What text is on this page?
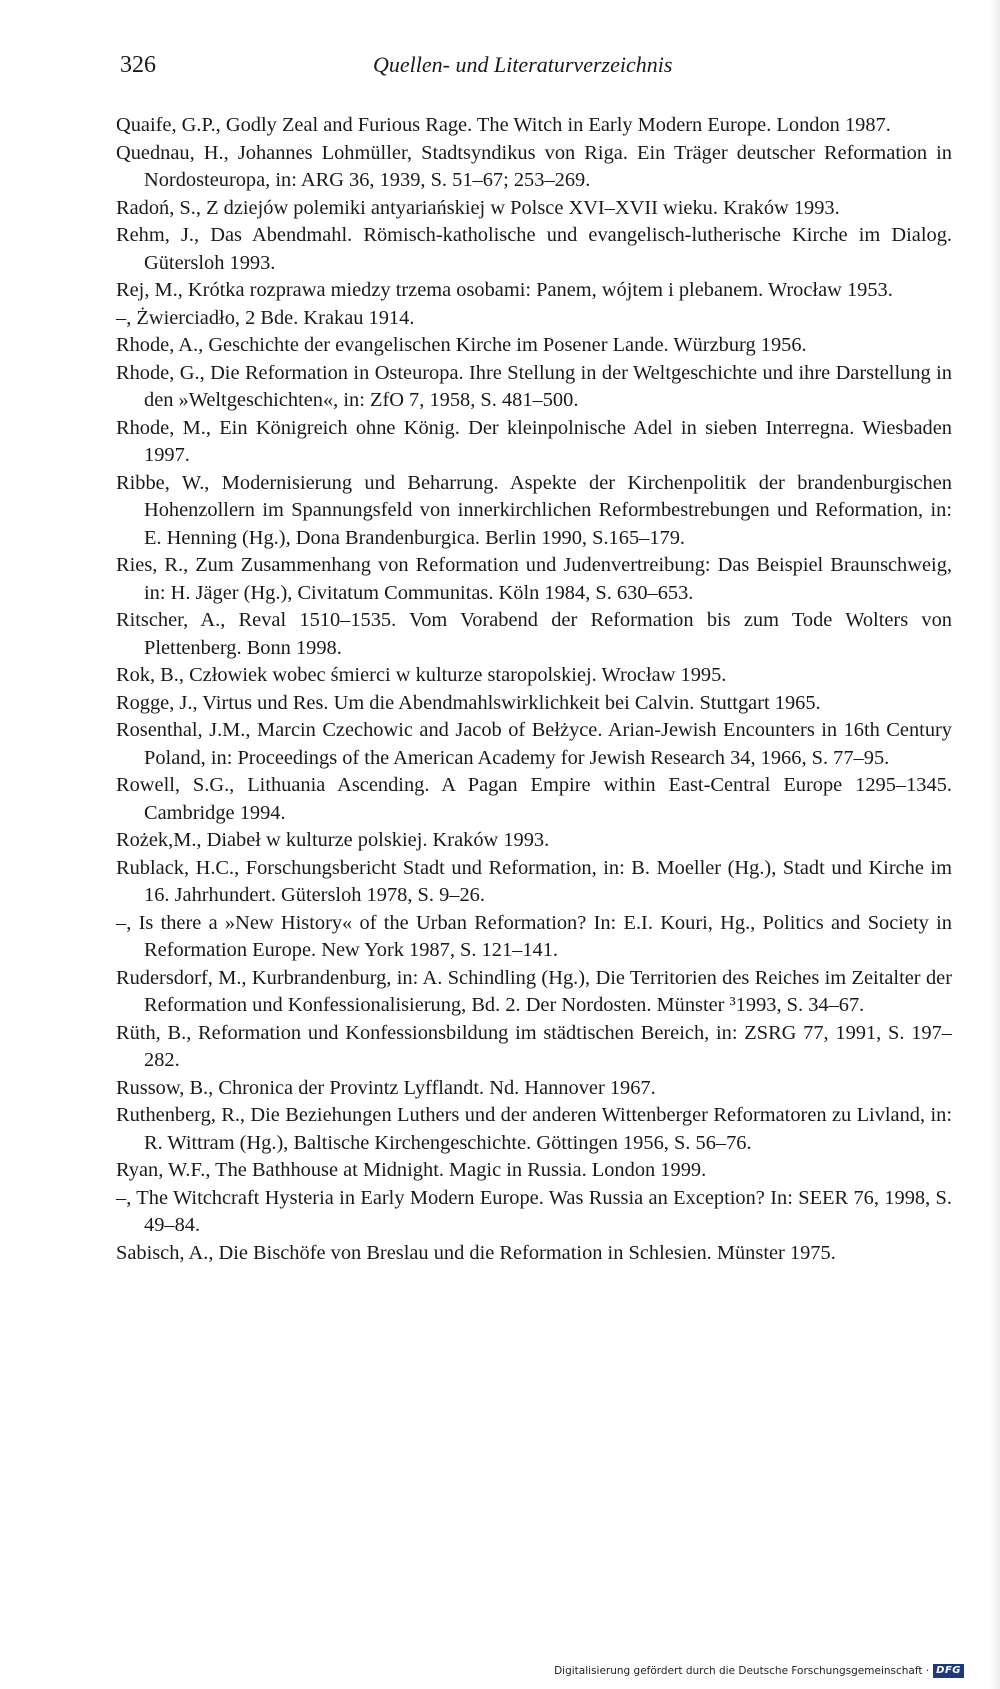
326	Quellen- und Literaturverzeichnis
Quaife, G.P., Godly Zeal and Furious Rage. The Witch in Early Modern Europe. London 1987.
Quednau, H., Johannes Lohmüller, Stadtsyndikus von Riga. Ein Träger deutscher Reformation in Nordosteuropa, in: ARG 36, 1939, S. 51–67; 253–269.
Radoń, S., Z dziejów polemiki antyariańskiej w Polsce XVI–XVII wieku. Kraków 1993.
Rehm, J., Das Abendmahl. Römisch-katholische und evangelisch-lutherische Kirche im Dialog. Gütersloh 1993.
Rej, M., Krótka rozprawa miedzy trzema osobami: Panem, wójtem i plebanem. Wrocław 1953.
–, Żwierciadło, 2 Bde. Krakau 1914.
Rhode, A., Geschichte der evangelischen Kirche im Posener Lande. Würzburg 1956.
Rhode, G., Die Reformation in Osteuropa. Ihre Stellung in der Weltgeschichte und ihre Darstellung in den »Weltgeschichten«, in: ZfO 7, 1958, S. 481–500.
Rhode, M., Ein Königreich ohne König. Der kleinpolnische Adel in sieben Interregna. Wiesbaden 1997.
Ribbe, W., Modernisierung und Beharrung. Aspekte der Kirchenpolitik der brandenburgischen Hohenzollern im Spannungsfeld von innerkirchlichen Reformbestrebungen und Reformation, in: E. Henning (Hg.), Dona Brandenburgica. Berlin 1990, S.165–179.
Ries, R., Zum Zusammenhang von Reformation und Judenvertreibung: Das Beispiel Braunschweig, in: H. Jäger (Hg.), Civitatum Communitas. Köln 1984, S. 630–653.
Ritscher, A., Reval 1510–1535. Vom Vorabend der Reformation bis zum Tode Wolters von Plettenberg. Bonn 1998.
Rok, B., Człowiek wobec śmierci w kulturze staropolskiej. Wrocław 1995.
Rogge, J., Virtus und Res. Um die Abendmahlswirklichkeit bei Calvin. Stuttgart 1965.
Rosenthal, J.M., Marcin Czechowic and Jacob of Bełżyce. Arian-Jewish Encounters in 16th Century Poland, in: Proceedings of the American Academy for Jewish Research 34, 1966, S. 77–95.
Rowell, S.G., Lithuania Ascending. A Pagan Empire within East-Central Europe 1295–1345. Cambridge 1994.
Rożek,M., Diabeł w kulturze polskiej. Kraków 1993.
Rublack, H.C., Forschungsbericht Stadt und Reformation, in: B. Moeller (Hg.), Stadt und Kirche im 16. Jahrhundert. Gütersloh 1978, S. 9–26.
–, Is there a »New History« of the Urban Reformation? In: E.I. Kouri, Hg., Politics and Society in Reformation Europe. New York 1987, S. 121–141.
Rudersdorf, M., Kurbrandenburg, in: A. Schindling (Hg.), Die Territorien des Reiches im Zeitalter der Reformation und Konfessionalisierung, Bd. 2. Der Nordosten. Münster ³1993, S. 34–67.
Rüth, B., Reformation und Konfessionsbildung im städtischen Bereich, in: ZSRG 77, 1991, S. 197–282.
Russow, B., Chronica der Provintz Lyfflandt. Nd. Hannover 1967.
Ruthenberg, R., Die Beziehungen Luthers und der anderen Wittenberger Reformatoren zu Livland, in: R. Wittram (Hg.), Baltische Kirchengeschichte. Göttingen 1956, S. 56–76.
Ryan, W.F., The Bathhouse at Midnight. Magic in Russia. London 1999.
–, The Witchcraft Hysteria in Early Modern Europe. Was Russia an Exception? In: SEER 76, 1998, S. 49–84.
Sabisch, A., Die Bischöfe von Breslau und die Reformation in Schlesien. Münster 1975.
Digitalisierung gefördert durch die Deutsche Forschungsgemeinschaft · DFG
